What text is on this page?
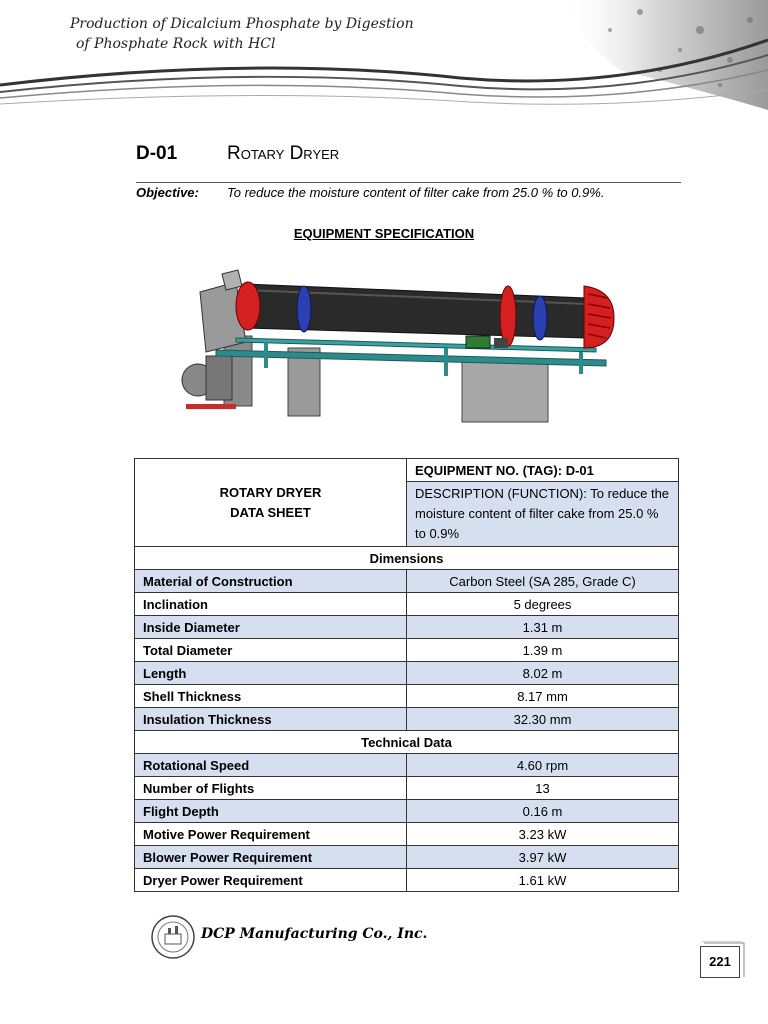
Production of Dicalcium Phosphate by Digestion
of Phosphate Rock with HCl
D-01	Rotary Dryer
Objective: To reduce the moisture content of filter cake from 25.0 % to 0.9%.
EQUIPMENT SPECIFICATION
ROTARY DRYER
DATA SHEET	EQUIPMENT NO. (TAG): D-01
	DESCRIPTION (FUNCTION): To reduce the moisture content of filter cake from 25.0 % to 0.9%
Dimensions	
Material of Construction	Carbon Steel (SA 285, Grade C)
Inclination	5 degrees
Inside Diameter	1.31 m
Total Diameter	1.39 m
Length	8.02 m
Shell Thickness	8.17 mm
Insulation Thickness	32.30 mm
Technical Data	
Rotational Speed	4.60 rpm
Number of Flights	13
Flight Depth	0.16 m
Motive Power Requirement	3.23 kW
Blower Power Requirement	3.97 kW
Dryer Power Requirement	1.61 kW
DCP Manufacturing Co., Inc.
221
